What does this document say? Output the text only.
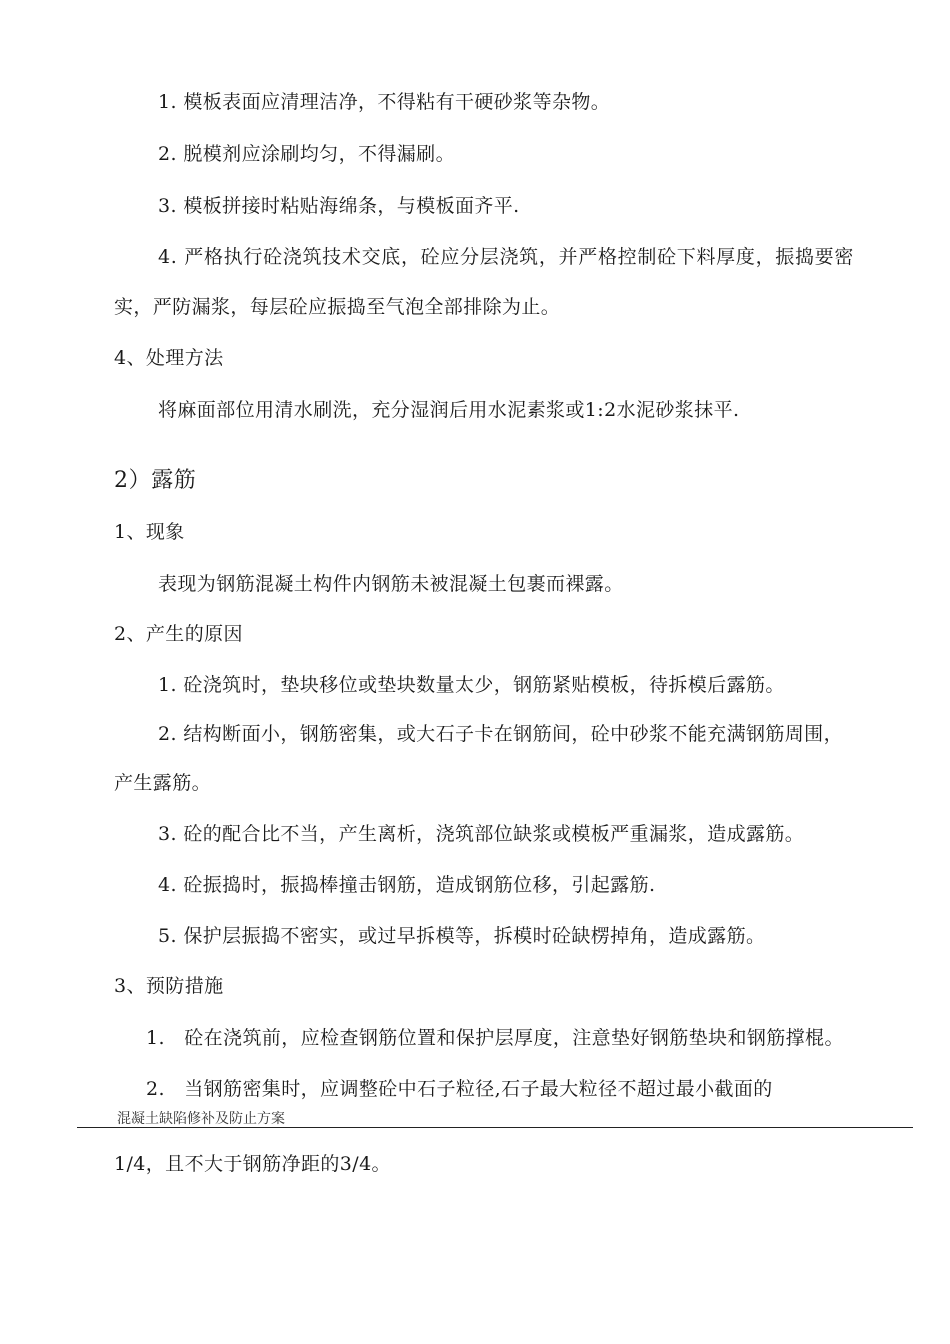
1. 模板表面应清理洁净，不得粘有干硬砂浆等杂物。
2. 脱模剂应涂刷均匀，不得漏刷。
3. 模板拼接时粘贴海绵条，与模板面齐平.
4. 严格执行砼浇筑技术交底，砼应分层浇筑，并严格控制砼下料厚度，振捣要密
实，严防漏浆，每层砼应振捣至气泡全部排除为止。
4、处理方法
将麻面部位用清水刷洗，充分湿润后用水泥素浆或1:2水泥砂浆抹平.
2）露筋
1、现象
表现为钢筋混凝土构件内钢筋未被混凝土包裹而裸露。
2、产生的原因
1. 砼浇筑时，垫块移位或垫块数量太少，钢筋紧贴模板，待拆模后露筋。
2. 结构断面小，钢筋密集，或大石子卡在钢筋间，砼中砂浆不能充满钢筋周围，
产生露筋。
3. 砼的配合比不当，产生离析，浇筑部位缺浆或模板严重漏浆，造成露筋。
4. 砼振捣时，振捣棒撞击钢筋，造成钢筋位移，引起露筋.
5. 保护层振捣不密实，或过早拆模等，拆模时砼缺楞掉角，造成露筋。
3、预防措施
1.   砼在浇筑前，应检查钢筋位置和保护层厚度，注意垫好钢筋垫块和钢筋撑棍。
2.   当钢筋密集时，应调整砼中石子粒径,石子最大粒径不超过最小截面的
混凝土缺陷修补及防止方案
1/4，且不大于钢筋净距的3/4。
